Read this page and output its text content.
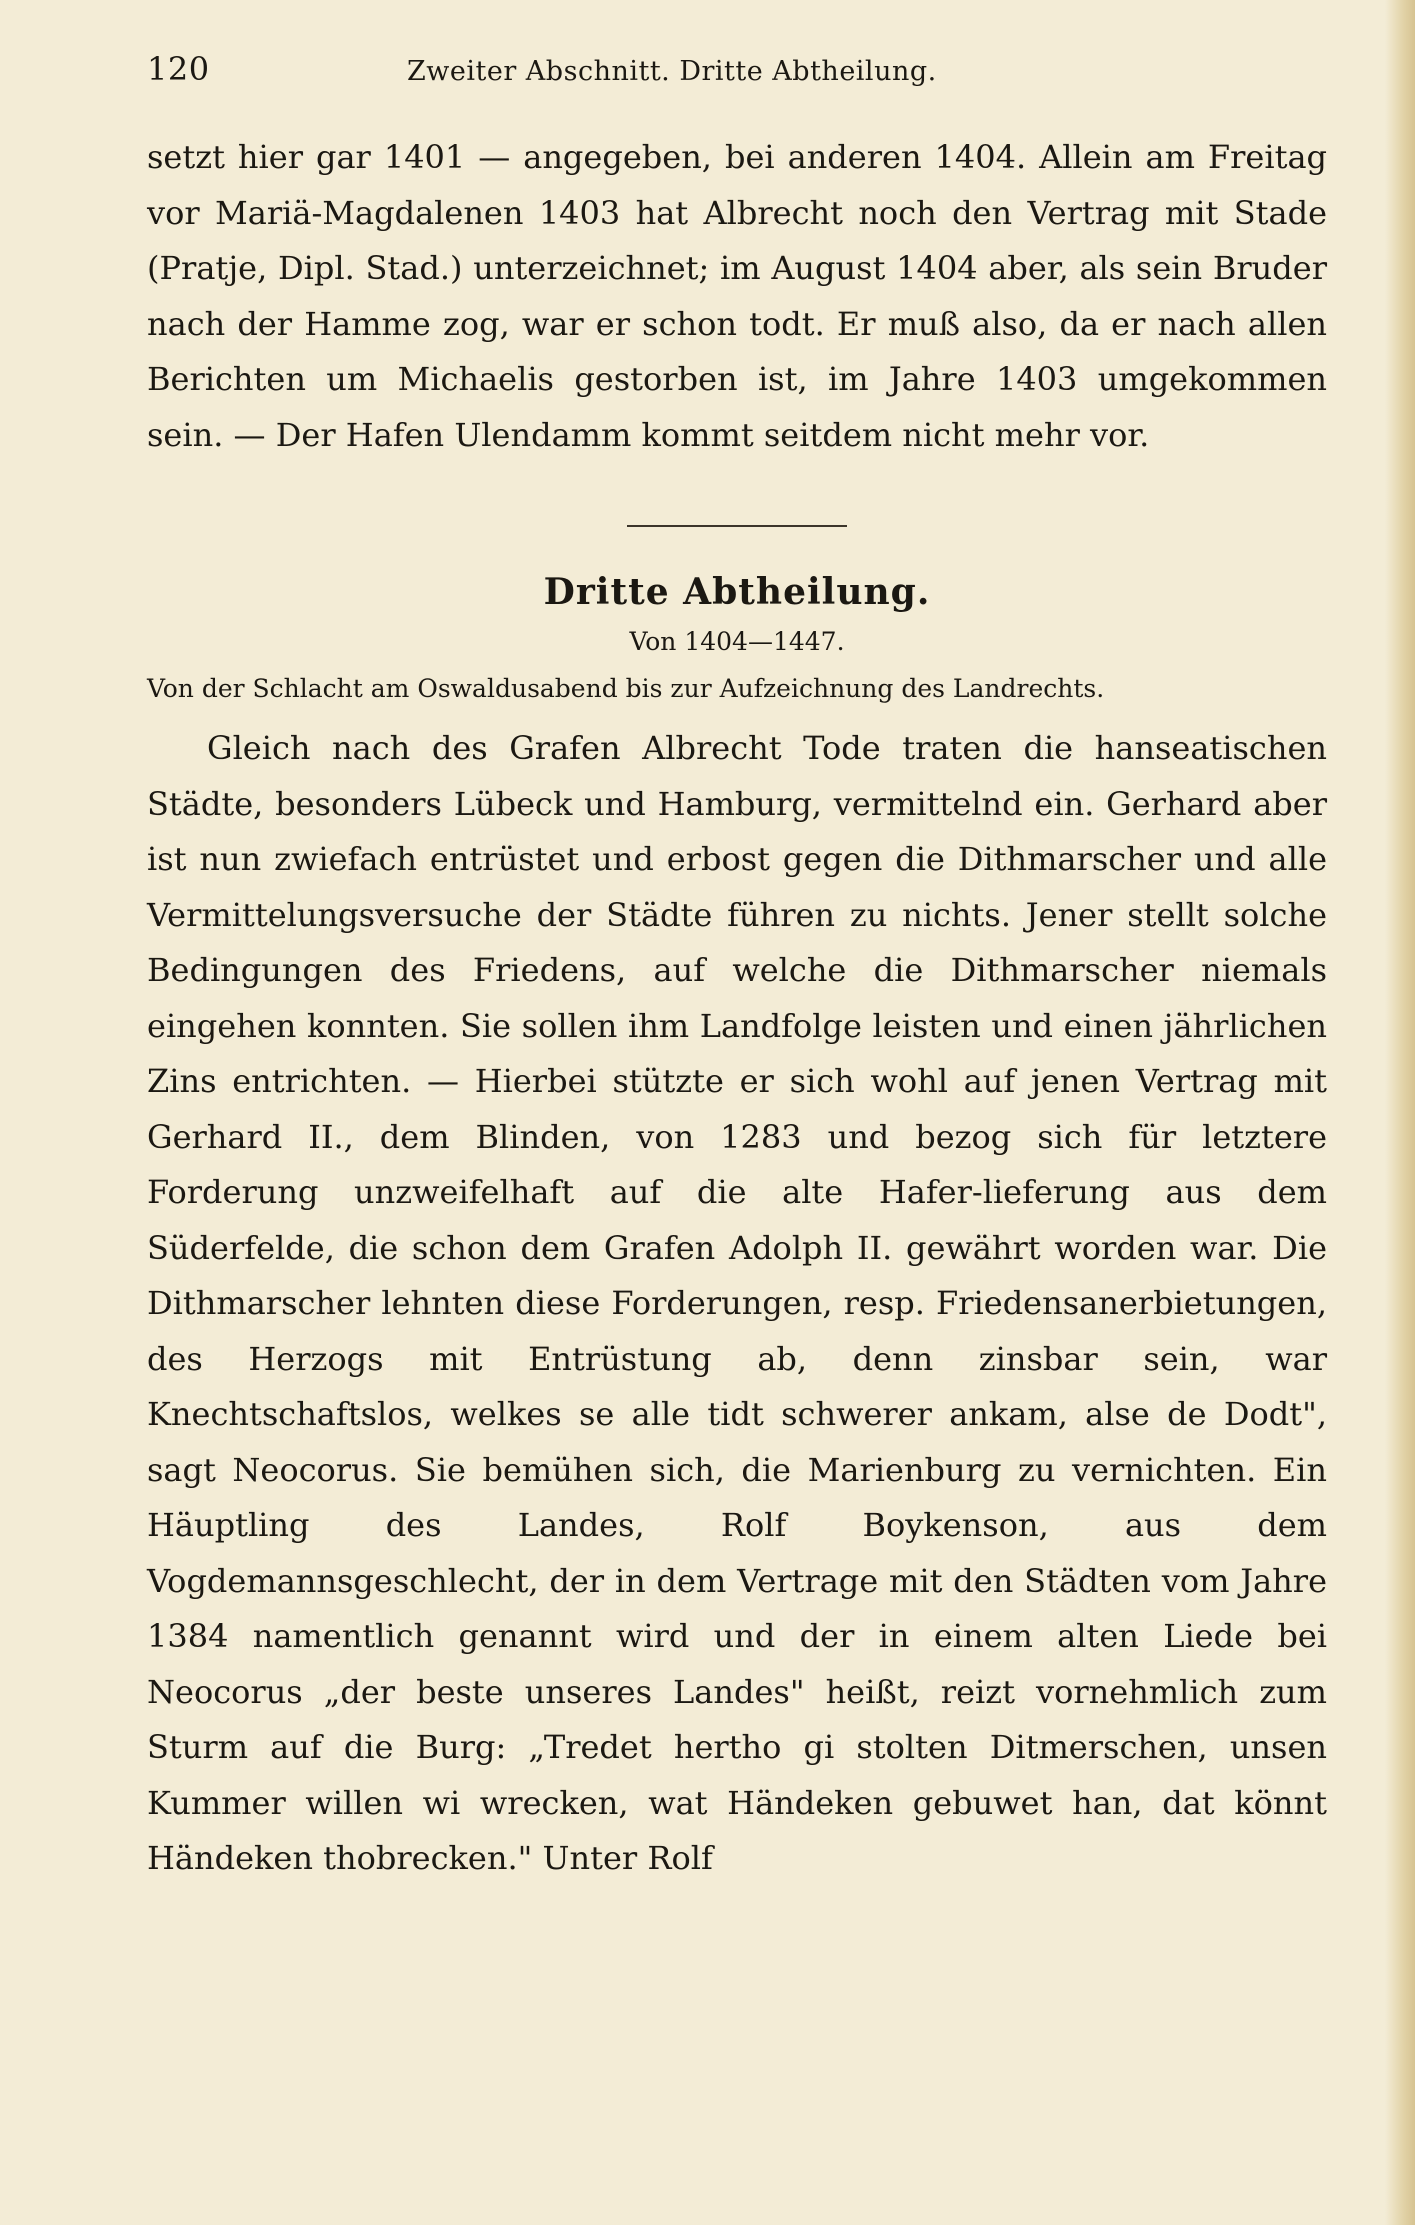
120	Zweiter Abschnitt. Dritte Abtheilung.

setzt hier gar 1401 — angegeben, bei anderen 1404. Allein am Freitag vor Mariä-Magdalenen 1403 hat Albrecht noch den Vertrag mit Stade (Pratje, Dipl. Stad.) unterzeichnet; im August 1404 aber, als sein Bruder nach der Hamme zog, war er schon todt. Er muß also, da er nach allen Berichten um Michaelis gestorben ist, im Jahre 1403 umgekommen sein. — Der Hafen Ulendamm kommt seitdem nicht mehr vor.

Dritte Abtheilung.
Von 1404—1447.
Von der Schlacht am Oswaldusabend bis zur Aufzeichnung des Landrechts.

Gleich nach des Grafen Albrecht Tode traten die hanseatischen Städte, besonders Lübeck und Hamburg, vermittelnd ein. Gerhard aber ist nun zwiefach entrüstet und erbost gegen die Dithmarscher und alle Vermittelungsversuche der Städte führen zu nichts. Jener stellt solche Bedingungen des Friedens, auf welche die Dithmarscher niemals eingehen konnten. Sie sollen ihm Landfolge leisten und einen jährlichen Zins entrichten. — Hierbei stützte er sich wohl auf jenen Vertrag mit Gerhard II., dem Blinden, von 1283 und bezog sich für letztere Forderung unzweifelhaft auf die alte Hafer-lieferung aus dem Süderfelde, die schon dem Grafen Adolph II. gewährt worden war. Die Dithmarscher lehnten diese Forderungen, resp. Friedensanerbietungen, des Herzogs mit Entrüstung ab, denn zinsbar sein, war Knechtschaftslos, welkes se alle tidt schwerer ankam, alse de Dodt", sagt Neocorus. Sie bemühen sich, die Marienburg zu vernichten. Ein Häuptling des Landes, Rolf Boykenson, aus dem Vogdemannsgeschlecht, der in dem Vertrage mit den Städten vom Jahre 1384 namentlich genannt wird und der in einem alten Liede bei Neocorus „der beste unseres Landes" heißt, reizt vornehmlich zum Sturm auf die Burg: „Tredet hertho gi stolten Ditmerschen, unsen Kummer willen wi wrecken, wat Händeken gebuwet han, dat könnt Händeken thobrecken." Unter Rolf
